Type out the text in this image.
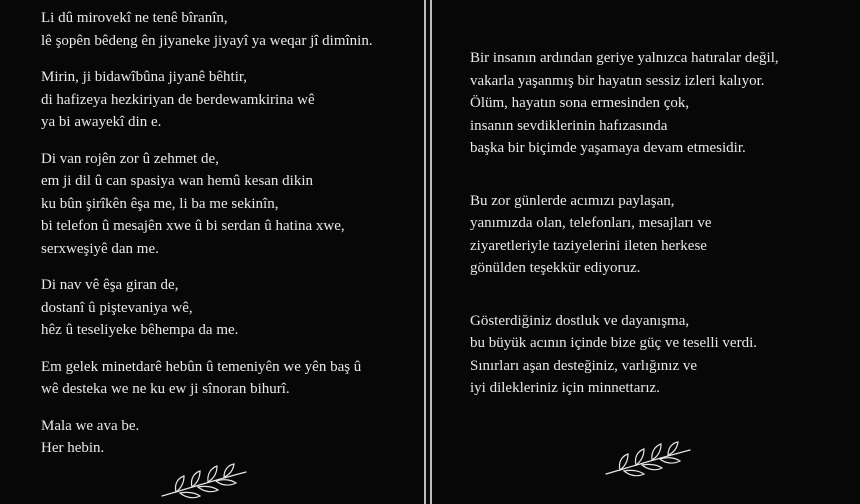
Li dû mirovekî ne tenê bîranîn,
lê şopên bêdeng ên jiyaneke jiyayî ya weqar jî dimînin.
Mirin, ji bidawîbûna jiyanê bêhtir,
di hafizeya hezkiriyan de berdewamkirina wê
ya bi awayekî din e.
Di van rojên zor û zehmet de,
em ji dil û can spasiya wan hemû kesan dikin
ku bûn şirîkên êşa me, li ba me sekinîn,
bi telefon û mesajên xwe û bi serdan û hatina xwe,
serxweşiyê dan me.
Di nav vê êşa giran de,
dostanî û piştevaniya wê,
hêz û teseliyeke bêhempa da me.
Em gelek minetdarê hebûn û temeniyên we yên baş û
wê desteka we ne ku ew ji sînoran bihurî.
Mala we ava be.
Her hebin.
Bir insanın ardından geriye yalnızca hatıralar değil,
vakarla yaşanmış bir hayatın sessiz izleri kalıyor.
Ölüm, hayatın sona ermesinden çok,
insanın sevdiklerinin hafızasında
başka bir biçimde yaşamaya devam etmesidir.
Bu zor günlerde acımızı paylaşan,
yanımızda olan, telefonları, mesajları ve
ziyaretleriyle taziyelerini ileten herkese
gönülden teşekkür ediyoruz.
Gösterdiğiniz dostluk ve dayanışma,
bu büyük acının içinde bize güç ve teselli verdi.
Sınırları aşan desteğiniz, varlığınız ve
iyi dilekleriniz için minnettarız.
